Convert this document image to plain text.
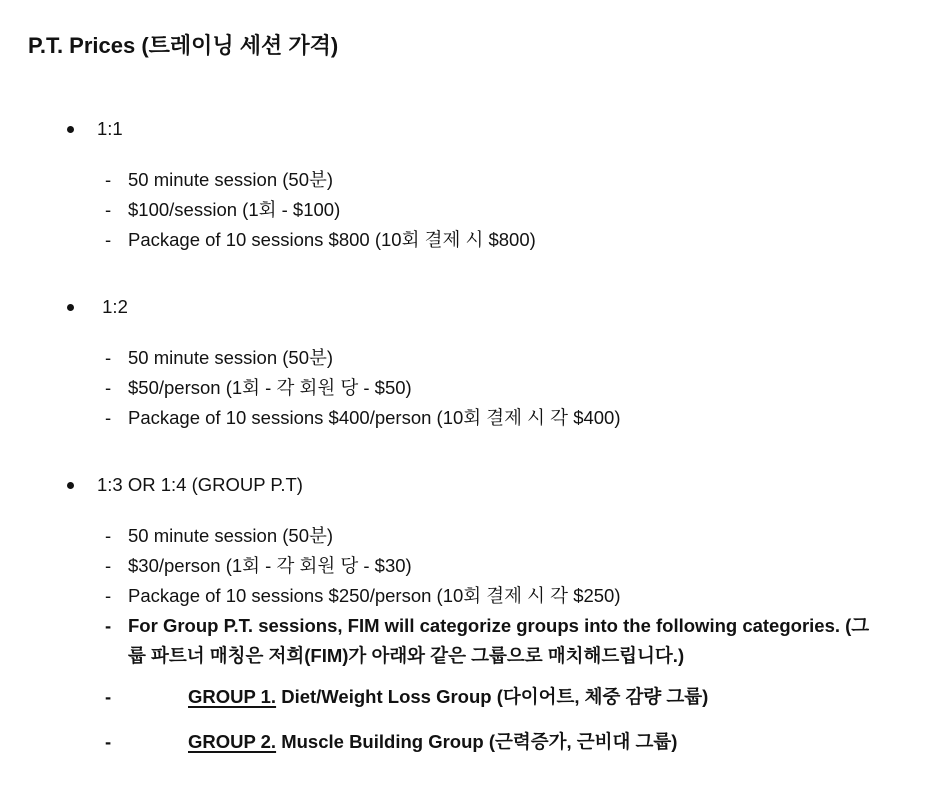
P.T. Prices (트레이닝 세션 가격)
1:1
- 50 minute session (50분)
- $100/session (1회 - $100)
- Package of 10 sessions $800 (10회 결제 시 $800)
1:2
- 50 minute session (50분)
- $50/person (1회 - 각 회원 당 - $50)
- Package of 10 sessions $400/person (10회 결제 시 각 $400)
1:3 OR 1:4 (GROUP P.T)
- 50 minute session (50분)
- $30/person (1회 - 각 회원 당 - $30)
- Package of 10 sessions $250/person (10회 결제 시 각 $250)
- For Group P.T. sessions, FIM will categorize groups into the following categories. (그룹 파트너 매칭은 저희(FIM)가 아래와 같은 그룹으로 매치해드립니다.)
-	GROUP 1. Diet/Weight Loss Group (다이어트, 체중 감량 그룹)
-	GROUP 2. Muscle Building Group (근력증가, 근비대 그룹)
